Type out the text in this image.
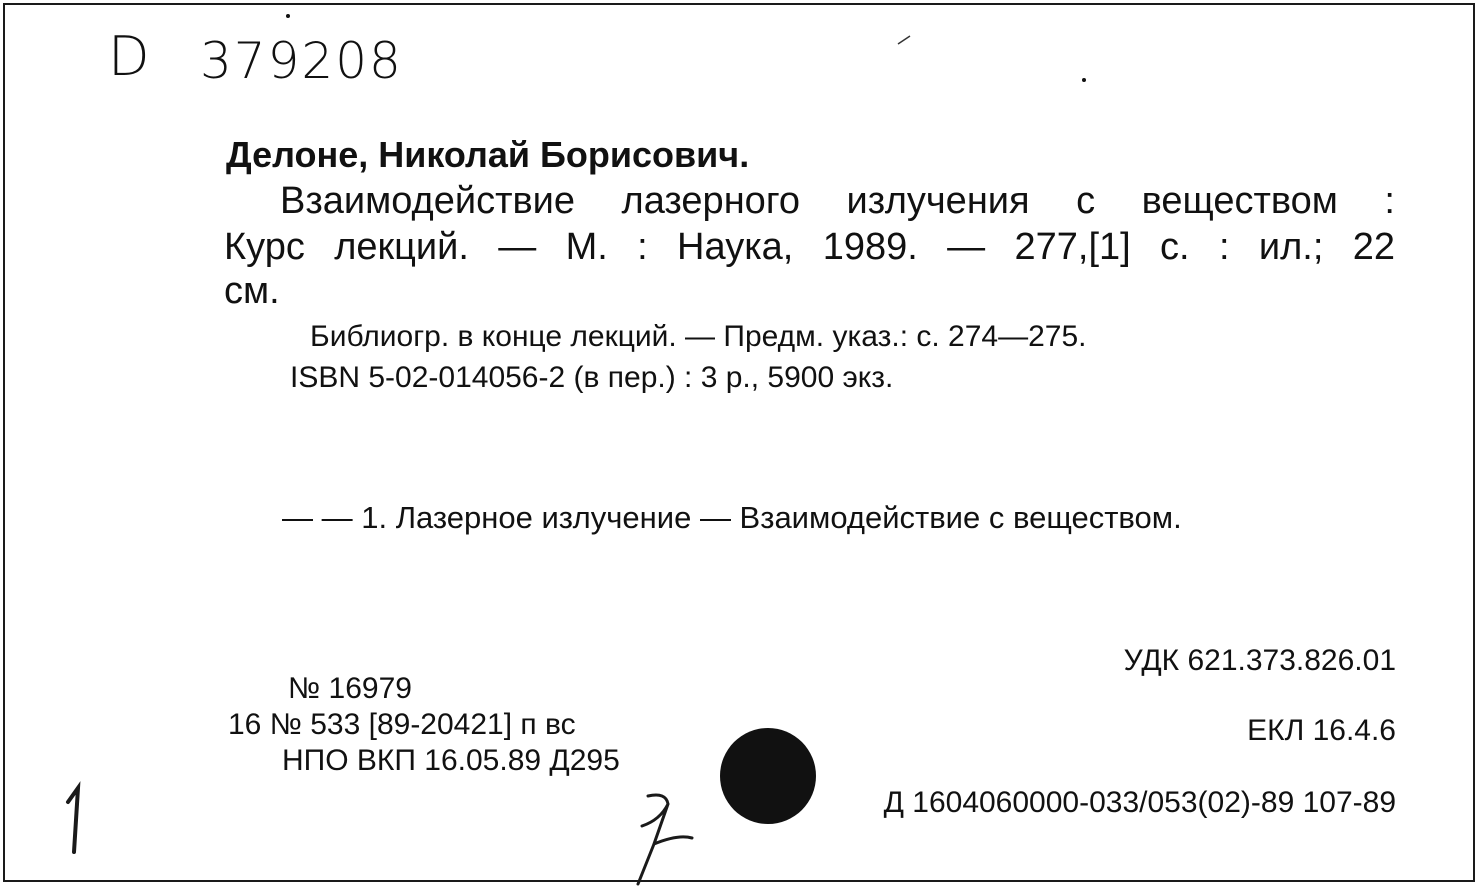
D 379208
Делоне, Николай Борисович.
Взаимодействие лазерного излучения с веществом :
Курс лекций. — М. : Наука, 1989. — 277,[1] с. : ил.; 22
см.
Библиогр. в конце лекций. — Предм. указ.: с. 274—275.
ISBN 5-02-014056-2 (в пер.) : 3 р., 5900 экз.
— — 1. Лазерное излучение — Взаимодействие с веществом.
УДК 621.373.826.01
ЕКЛ 16.4.6
Д 1604060000-033/053(02)-89 107-89
№ 16979
16 № 533 [89-20421] п вс
НПО ВКП 16.05.89 Д295
